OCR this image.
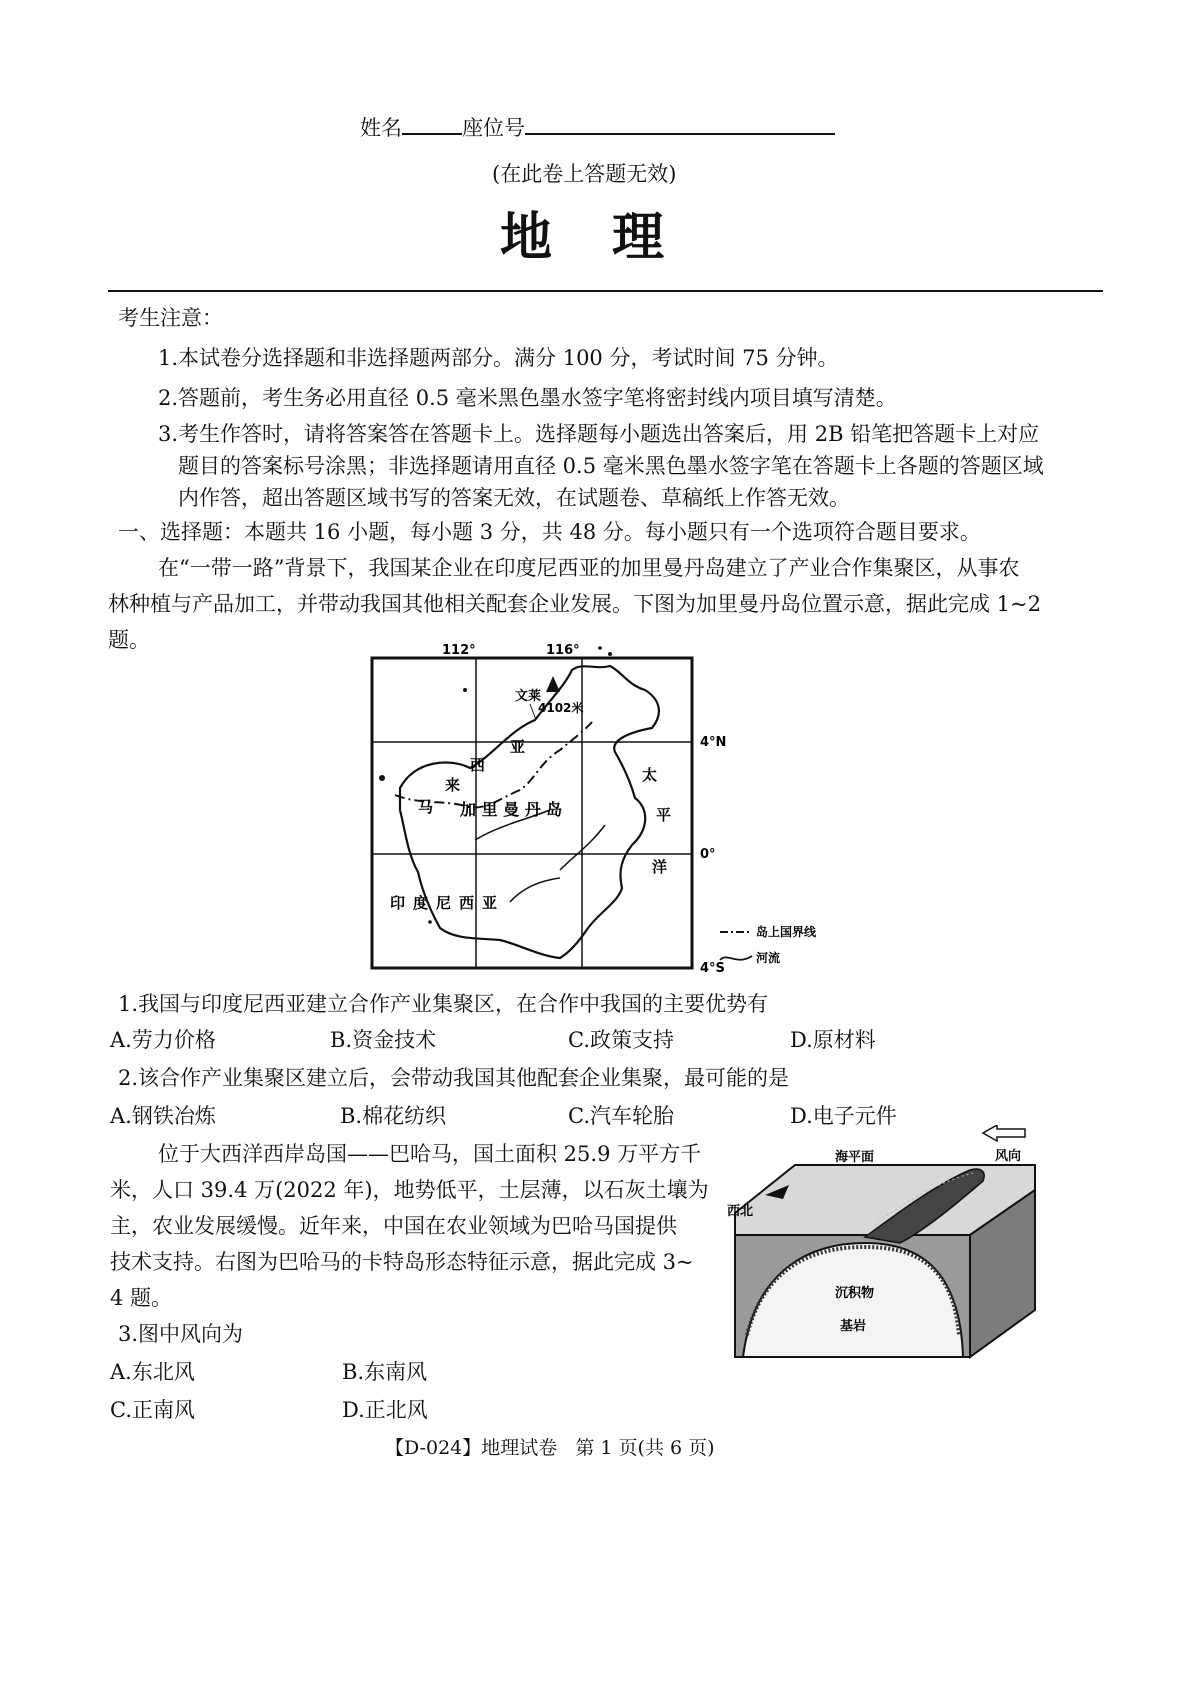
姓名	座位号
(在此卷上答题无效)
地理
考生注意：
1.本试卷分选择题和非选择题两部分。满分 100 分，考试时间 75 分钟。
2.答题前，考生务必用直径 0.5 毫米黑色墨水签字笔将密封线内项目填写清楚。
3.考生作答时，请将答案答在答题卡上。选择题每小题选出答案后，用 2B 铅笔把答题卡上对应
题目的答案标号涂黑；非选择题请用直径 0.5 毫米黑色墨水签字笔在答题卡上各题的答题区域
内作答，超出答题区域书写的答案无效，在试题卷、草稿纸上作答无效。
一、选择题：本题共 16 小题，每小题 3 分，共 48 分。每小题只有一个选项符合题目要求。
在“一带一路”背景下，我国某企业在印度尼西亚的加里曼丹岛建立了产业合作集聚区，从事农
林种植与产品加工，并带动我国其他相关配套企业发展。下图为加里曼丹岛位置示意，据此完成 1~2
题。	112°	116°
4°N
0°
4°S
文莱
4102米
西
亚
来
马 加 里 曼 丹 岛
太
平
洋
印度尼西亚
岛上国界线
河流
1.我国与印度尼西亚建立合作产业集聚区，在合作中我国的主要优势有
A.劳力价格	B.资金技术	C.政策支持	D.原材料
2.该合作产业集聚区建立后，会带动我国其他配套企业集聚，最可能的是
A.钢铁冶炼	B.棉花纺织	C.汽车轮胎	D.电子元件
位于大西洋西岸岛国——巴哈马，国土面积 25.9 万平方千
米，人口 39.4 万(2022 年)，地势低平，土层薄，以石灰土壤为
主，农业发展缓慢。近年来，中国在农业领域为巴哈马国提供
技术支持。右图为巴哈马的卡特岛形态特征示意，据此完成 3~
4 题。
海平面	风向
西北
沉积物
基岩
3.图中风向为
A.东北风	B.东南风
C.正南风	D.正北风
【D-024】地理试卷   第 1 页(共 6 页)
